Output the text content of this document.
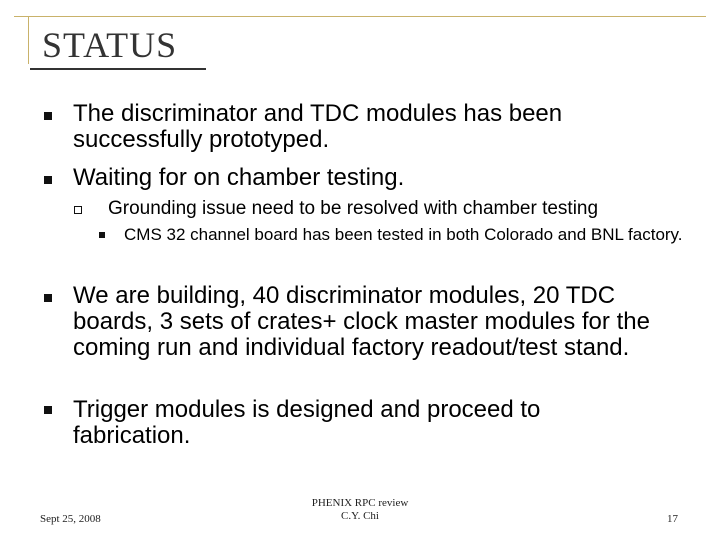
STATUS
The discriminator and TDC modules has been successfully prototyped.
Waiting for on chamber testing.
Grounding issue need to be resolved with chamber testing
CMS 32 channel board has been tested in both Colorado and BNL factory.
We are building, 40 discriminator modules, 20 TDC boards, 3 sets of crates+ clock master modules for the coming run and individual factory readout/test stand.
Trigger modules is designed and proceed to fabrication.
Sept 25, 2008
PHENIX RPC review
C.Y. Chi	17
